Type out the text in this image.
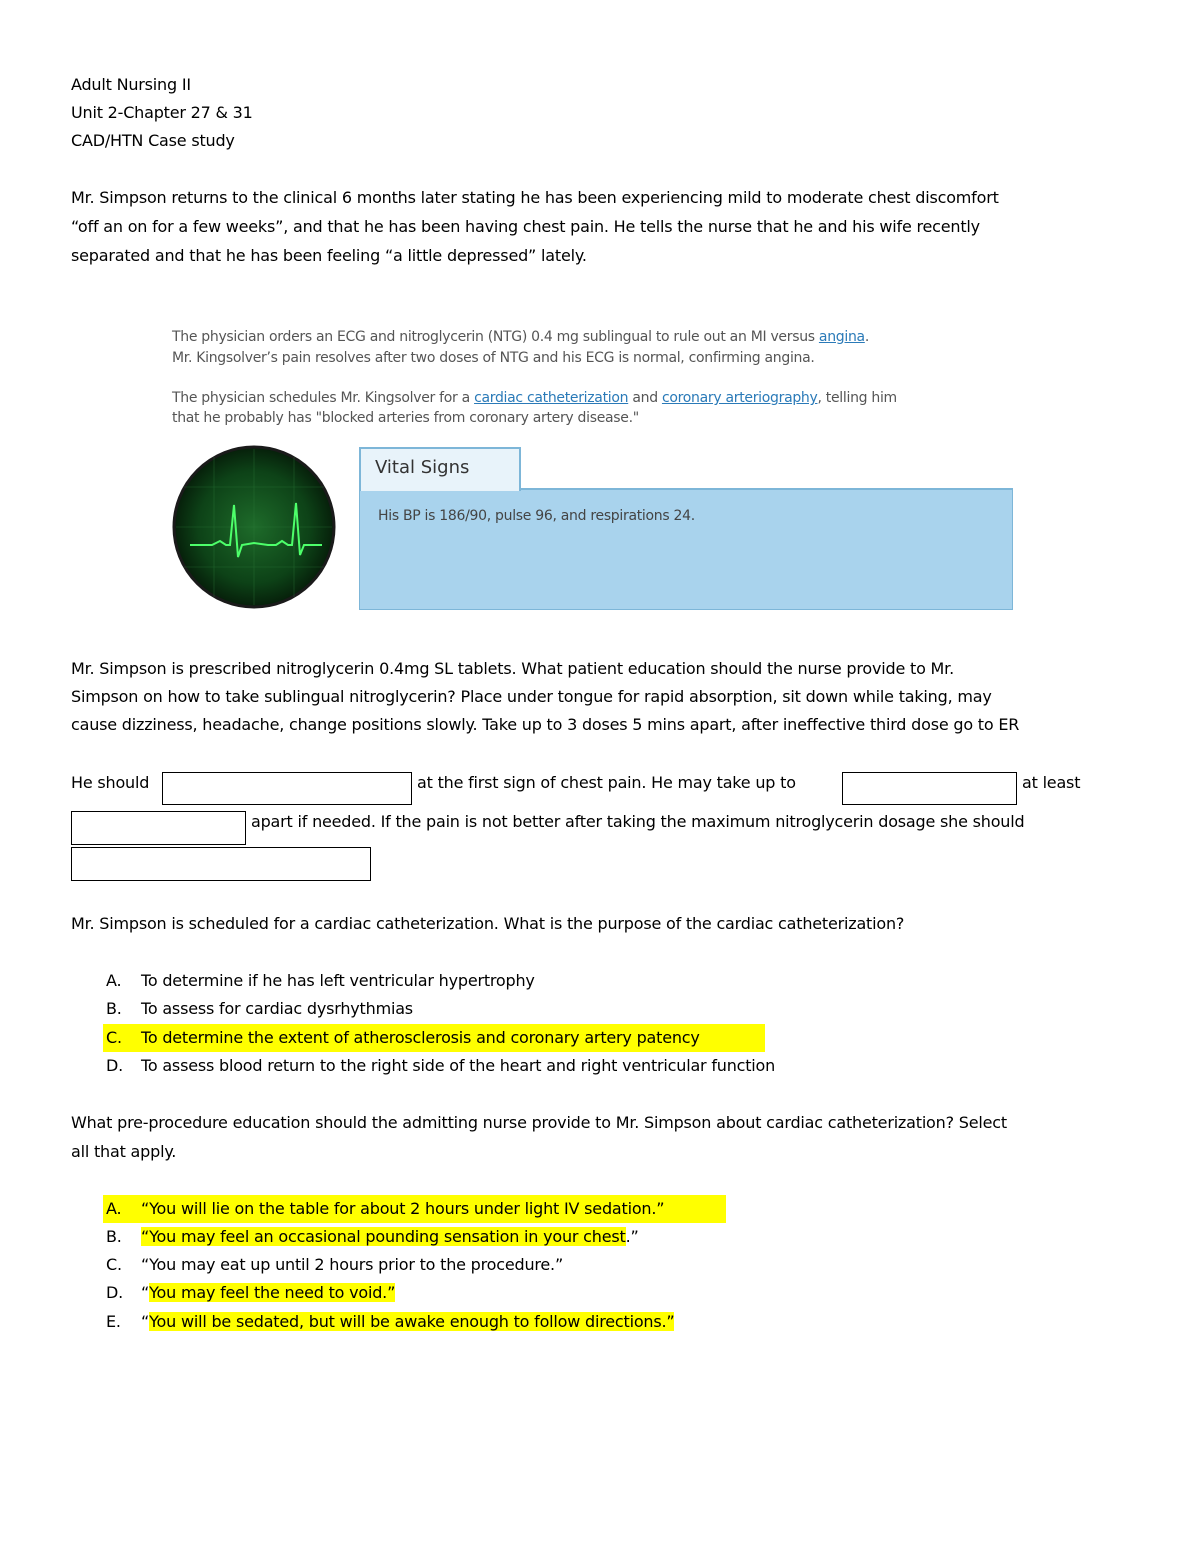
Adult Nursing II
Unit 2-Chapter 27 & 31
CAD/HTN Case study
Mr. Simpson returns to the clinical 6 months later stating he has been experiencing mild to moderate chest discomfort
“off an on for a few weeks”, and that he has been having chest pain. He tells the nurse that he and his wife recently
separated and that he has been feeling “a little depressed” lately.
The physician orders an ECG and nitroglycerin (NTG) 0.4 mg sublingual to rule out an MI versus angina.
Mr. Kingsolver’s pain resolves after two doses of NTG and his ECG is normal, confirming angina.
The physician schedules Mr. Kingsolver for a cardiac catheterization and coronary arteriography, telling him
that he probably has "blocked arteries from coronary artery disease."
His BP is 186/90, pulse 96, and respirations 24.
Vital Signs
Mr. Simpson is prescribed nitroglycerin 0.4mg SL tablets. What patient education should the nurse provide to Mr.
Simpson on how to take sublingual nitroglycerin? Place under tongue for rapid absorption, sit down while taking, may
cause dizziness, headache, change positions slowly. Take up to 3 doses 5 mins apart, after ineffective third dose go to ER
He should	at the first sign of chest pain. He may take up to	at least
apart if needed. If the pain is not better after taking the maximum nitroglycerin dosage she should
Mr. Simpson is scheduled for a cardiac catheterization. What is the purpose of the cardiac catheterization?
A. To determine if he has left ventricular hypertrophy
B. To assess for cardiac dysrhythmias
C. To determine the extent of atherosclerosis and coronary artery patency
D. To assess blood return to the right side of the heart and right ventricular function
What pre-procedure education should the admitting nurse provide to Mr. Simpson about cardiac catheterization? Select
all that apply.
A. “You will lie on the table for about 2 hours under light IV sedation.”
B. “You may feel an occasional pounding sensation in your chest.”
C. “You may eat up until 2 hours prior to the procedure.”
D. “You may feel the need to void.”
E. “You will be sedated, but will be awake enough to follow directions.”
